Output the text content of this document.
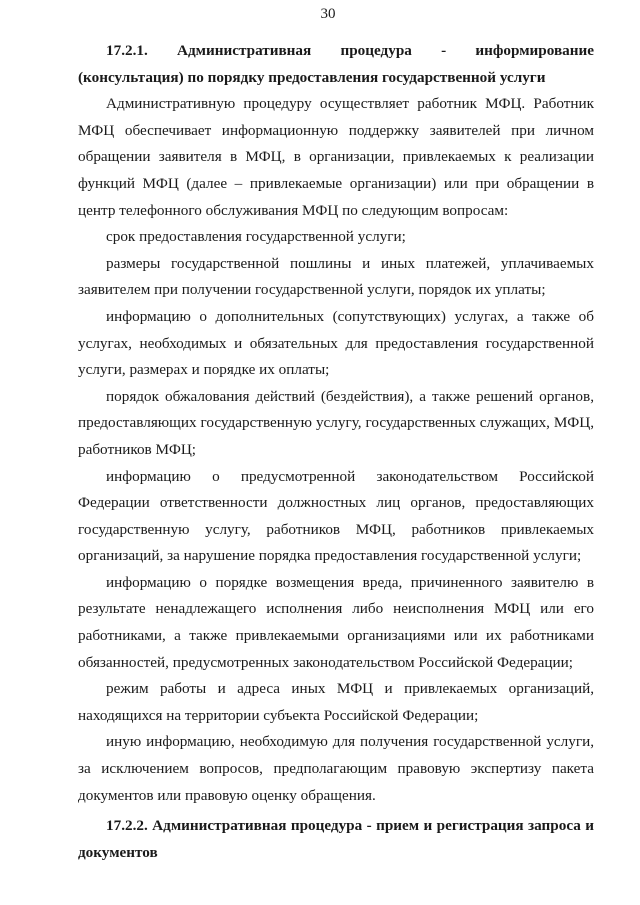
30

17.2.1. Административная процедура - информирование (консультация) по порядку предоставления государственной услуги

Административную процедуру осуществляет работник МФЦ. Работник МФЦ обеспечивает информационную поддержку заявителей при личном обращении заявителя в МФЦ, в организации, привлекаемых к реализации функций МФЦ (далее – привлекаемые организации) или при обращении в центр телефонного обслуживания МФЦ по следующим вопросам:

срок предоставления государственной услуги;

размеры государственной пошлины и иных платежей, уплачиваемых заявителем при получении государственной услуги, порядок их уплаты;

информацию о дополнительных (сопутствующих) услугах, а также об услугах, необходимых и обязательных для предоставления государственной услуги, размерах и порядке их оплаты;

порядок обжалования действий (бездействия), а также решений органов, предоставляющих государственную услугу, государственных служащих, МФЦ, работников МФЦ;

информацию о предусмотренной законодательством Российской Федерации ответственности должностных лиц органов, предоставляющих государственную услугу, работников МФЦ, работников привлекаемых организаций, за нарушение порядка предоставления государственной услуги;

информацию о порядке возмещения вреда, причиненного заявителю в результате ненадлежащего исполнения либо неисполнения МФЦ или его работниками, а также привлекаемыми организациями или их работниками обязанностей, предусмотренных законодательством Российской Федерации;

режим работы и адреса иных МФЦ и привлекаемых организаций, находящихся на территории субъекта Российской Федерации;

иную информацию, необходимую для получения государственной услуги, за исключением вопросов, предполагающим правовую экспертизу пакета документов или правовую оценку обращения.

17.2.2. Административная процедура - прием и регистрация запроса и документов
